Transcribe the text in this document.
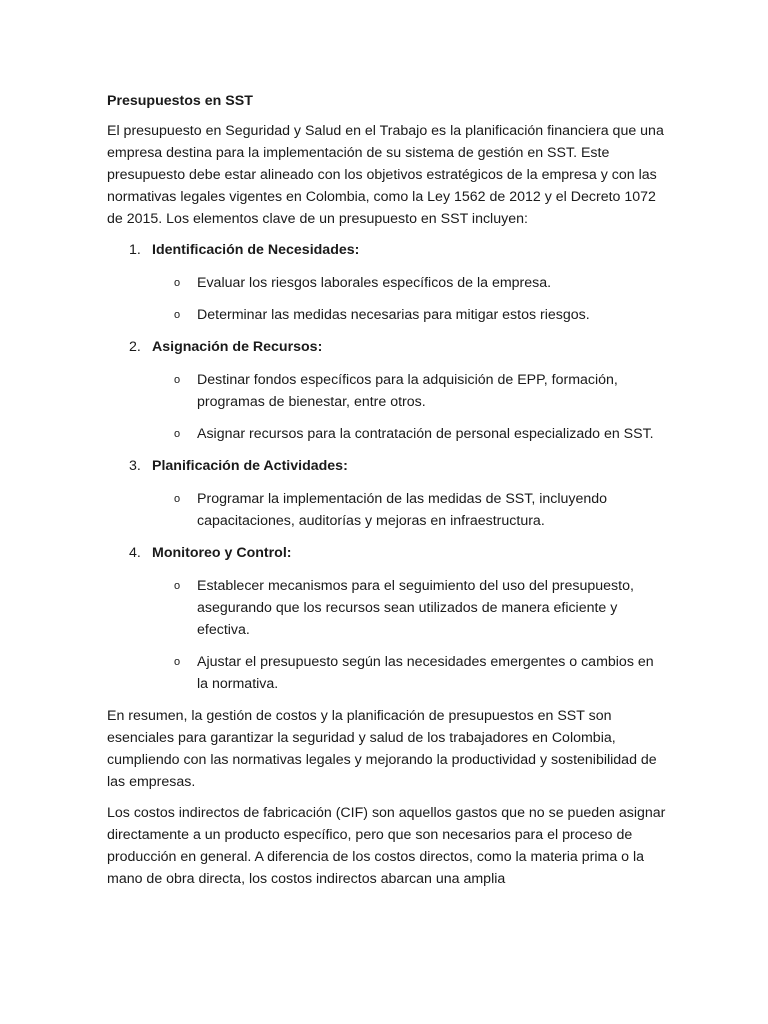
Presupuestos en SST

El presupuesto en Seguridad y Salud en el Trabajo es la planificación financiera que una empresa destina para la implementación de su sistema de gestión en SST. Este presupuesto debe estar alineado con los objetivos estratégicos de la empresa y con las normativas legales vigentes en Colombia, como la Ley 1562 de 2012 y el Decreto 1072 de 2015. Los elementos clave de un presupuesto en SST incluyen:

1. Identificación de Necesidades:
o Evaluar los riesgos laborales específicos de la empresa.
o Determinar las medidas necesarias para mitigar estos riesgos.
2. Asignación de Recursos:
o Destinar fondos específicos para la adquisición de EPP, formación, programas de bienestar, entre otros.
o Asignar recursos para la contratación de personal especializado en SST.
3. Planificación de Actividades:
o Programar la implementación de las medidas de SST, incluyendo capacitaciones, auditorías y mejoras en infraestructura.
4. Monitoreo y Control:
o Establecer mecanismos para el seguimiento del uso del presupuesto, asegurando que los recursos sean utilizados de manera eficiente y efectiva.
o Ajustar el presupuesto según las necesidades emergentes o cambios en la normativa.

En resumen, la gestión de costos y la planificación de presupuestos en SST son esenciales para garantizar la seguridad y salud de los trabajadores en Colombia, cumpliendo con las normativas legales y mejorando la productividad y sostenibilidad de las empresas.

Los costos indirectos de fabricación (CIF) son aquellos gastos que no se pueden asignar directamente a un producto específico, pero que son necesarios para el proceso de producción en general. A diferencia de los costos directos, como la materia prima o la mano de obra directa, los costos indirectos abarcan una amplia
